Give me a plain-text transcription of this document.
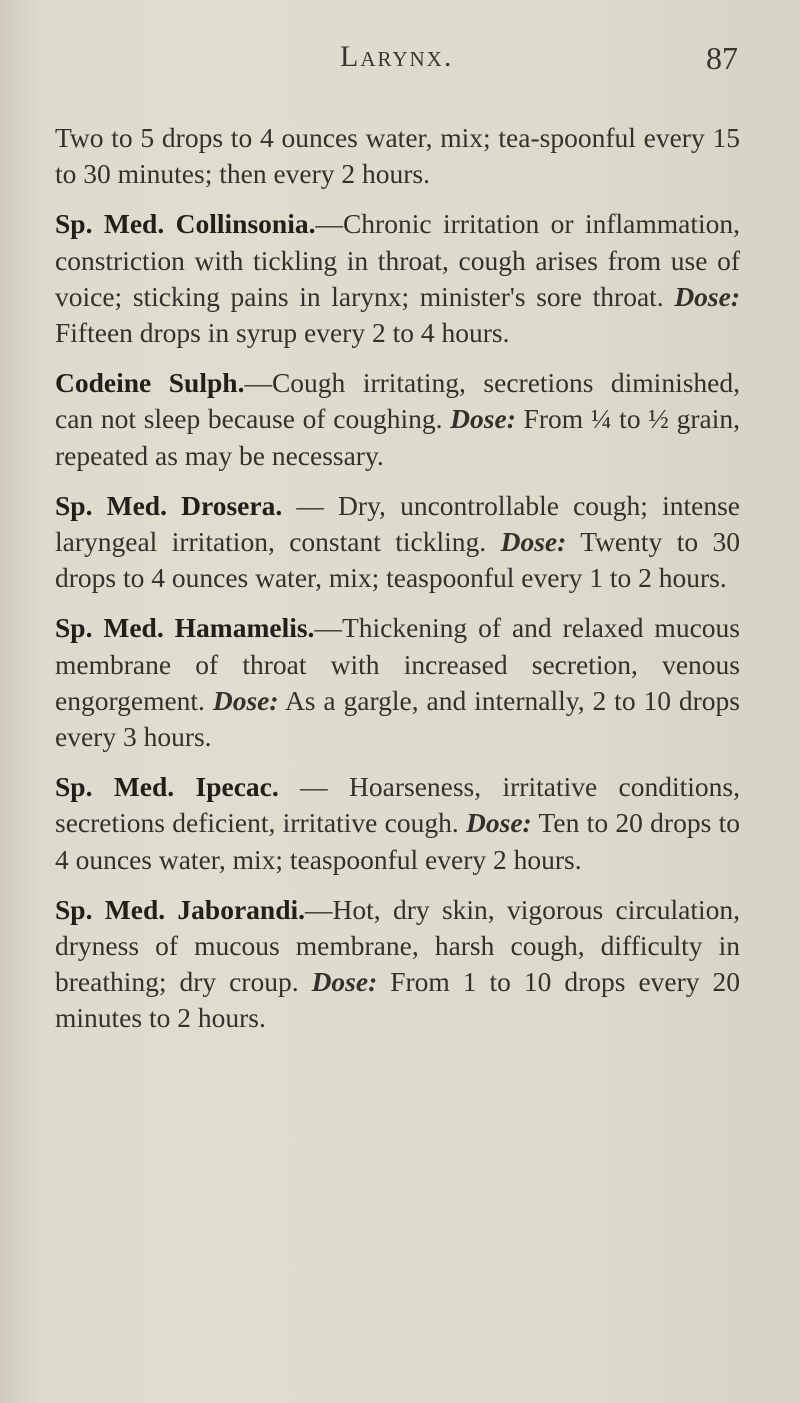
Larynx.	87

Two to 5 drops to 4 ounces water, mix; tea-spoonful every 15 to 30 minutes; then every 2 hours.

Sp. Med. Collinsonia.—Chronic irritation or inflammation, constriction with tickling in throat, cough arises from use of voice; sticking pains in larynx; minister's sore throat. Dose: Fifteen drops in syrup every 2 to 4 hours.

Codeine Sulph.—Cough irritating, secretions diminished, can not sleep because of coughing. Dose: From ¼ to ½ grain, repeated as may be necessary.

Sp. Med. Drosera. — Dry, uncontrollable cough; intense laryngeal irritation, constant tickling. Dose: Twenty to 30 drops to 4 ounces water, mix; teaspoonful every 1 to 2 hours.

Sp. Med. Hamamelis.—Thickening of and relaxed mucous membrane of throat with increased secretion, venous engorgement. Dose: As a gargle, and internally, 2 to 10 drops every 3 hours.

Sp. Med. Ipecac. — Hoarseness, irritative conditions, secretions deficient, irritative cough. Dose: Ten to 20 drops to 4 ounces water, mix; teaspoonful every 2 hours.

Sp. Med. Jaborandi.—Hot, dry skin, vigorous circulation, dryness of mucous membrane, harsh cough, difficulty in breathing; dry croup. Dose: From 1 to 10 drops every 20 minutes to 2 hours.
